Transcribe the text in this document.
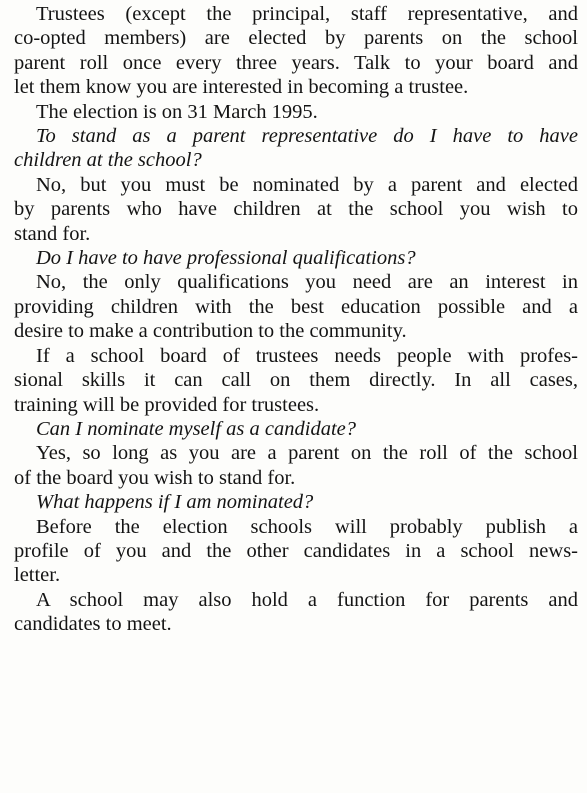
Trustees (except the principal, staff representative, and
co-opted members) are elected by parents on the school
parent roll once every three years. Talk to your board and
let them know you are interested in becoming a trustee.

The election is on 31 March 1995.

To stand as a parent representative do I have to have
children at the school?

No, but you must be nominated by a parent and elected
by parents who have children at the school you wish to
stand for.

Do I have to have professional qualifications?

No, the only qualifications you need are an interest in
providing children with the best education possible and a
desire to make a contribution to the community.

If a school board of trustees needs people with profes-
sional skills it can call on them directly. In all cases,
training will be provided for trustees.

Can I nominate myself as a candidate?

Yes, so long as you are a parent on the roll of the school
of the board you wish to stand for.

What happens if I am nominated?

Before the election schools will probably publish a
profile of you and the other candidates in a school news-
letter.

A school may also hold a function for parents and
candidates to meet.
